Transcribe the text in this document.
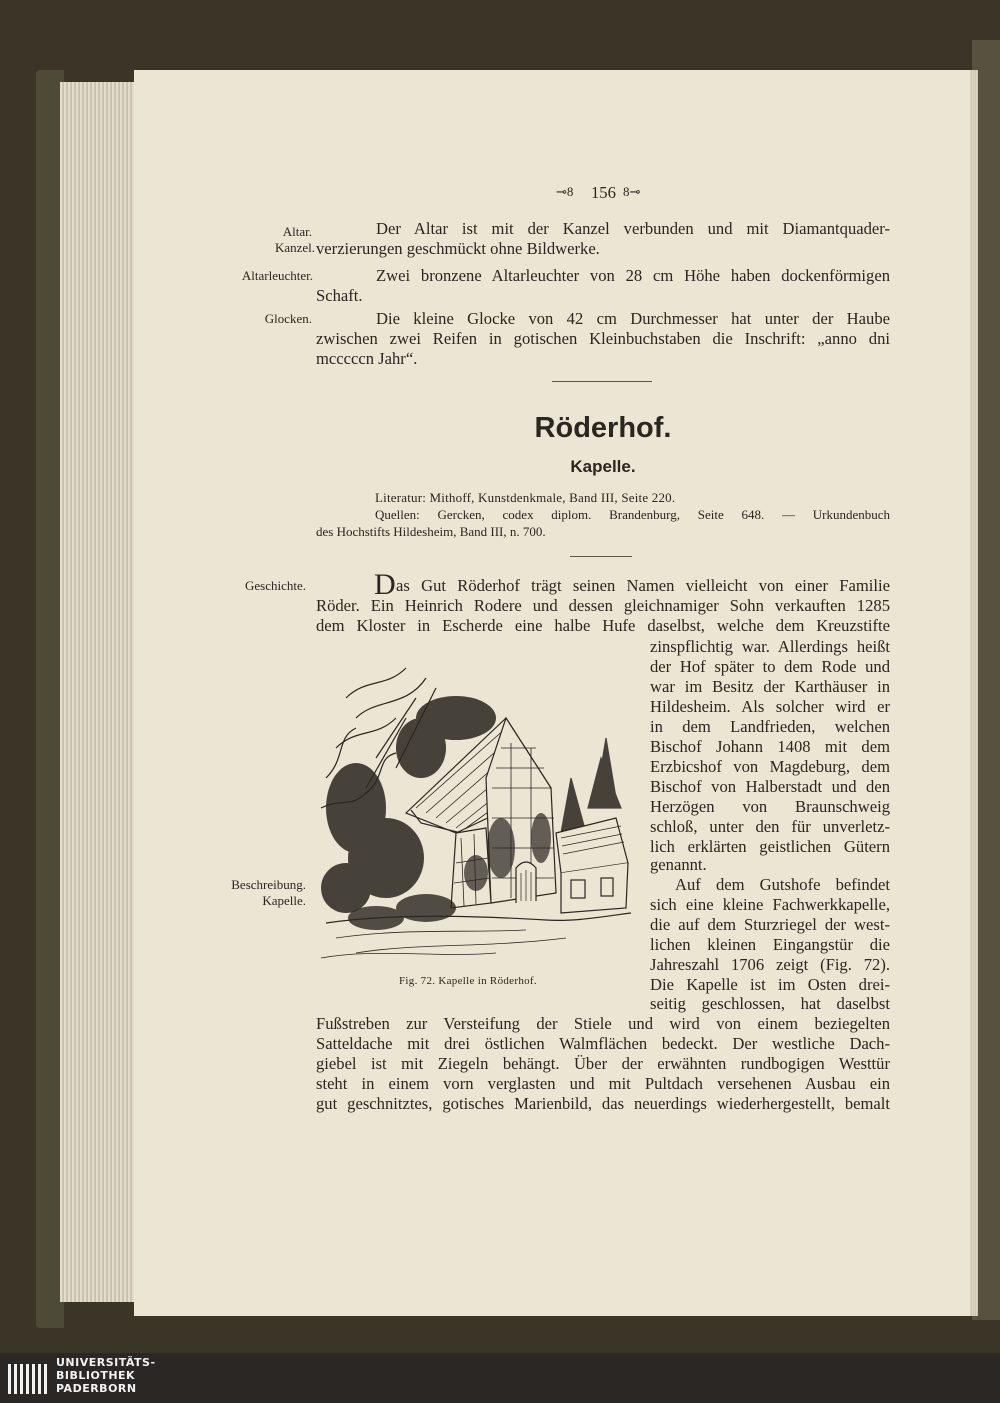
⊸8 156 8⊸
Altar.
Kanzel.
Altarleuchter.
Glocken.
Geschichte.
Beschreibung.
Kapelle.
Der Altar ist mit der Kanzel verbunden und mit Diamantquader-
verzierungen geschmückt ohne Bildwerke.
Zwei bronzene Altarleuchter von 28 cm Höhe haben dockenförmigen
Schaft.
Die kleine Glocke von 42 cm Durchmesser hat unter der Haube
zwischen zwei Reifen in gotischen Kleinbuchstaben die Inschrift: „anno dni
mcccccn Jahr“.
Röderhof.
Kapelle.
Literatur: Mithoff, Kunstdenkmale, Band III, Seite 220.
Quellen: Gercken, codex diplom. Brandenburg, Seite 648. — Urkundenbuch
des Hochstifts Hildesheim, Band III, n. 700.
D as Gut Röderhof trägt seinen Namen vielleicht von einer Familie
Röder. Ein Heinrich Rodere und dessen gleichnamiger Sohn verkauften 1285
dem Kloster in Escherde eine halbe Hufe daselbst, welche dem Kreuzstifte
zinspflichtig war. Allerdings heißt
der Hof später to dem Rode und
war im Besitz der Karthäuser in
Hildesheim. Als solcher wird er
in dem Landfrieden, welchen
Bischof Johann 1408 mit dem
Erzbicshof von Magdeburg, dem
Bischof von Halberstadt und den
Herzögen von Braunschweig
schloß, unter den für unverletz-
lich erklärten geistlichen Gütern
genannt.
Auf dem Gutshofe befindet
sich eine kleine Fachwerkkapelle,
die auf dem Sturzriegel der west-
lichen kleinen Eingangstür die
Jahreszahl 1706 zeigt (Fig. 72).
Die Kapelle ist im Osten drei-
seitig geschlossen, hat daselbst
Fig. 72. Kapelle in Röderhof.
Fußstreben zur Versteifung der Stiele und wird von einem beziegelten
Satteldache mit drei östlichen Walmflächen bedeckt. Der westliche Dach-
giebel ist mit Ziegeln behängt. Über der erwähnten rundbogigen Westtür
steht in einem vorn verglasten und mit Pultdach versehenen Ausbau ein
gut geschnitztes, gotisches Marienbild, das neuerdings wiederhergestellt, bemalt
UNIVERSITÄTS-
BIBLIOTHEK
PADERBORN
